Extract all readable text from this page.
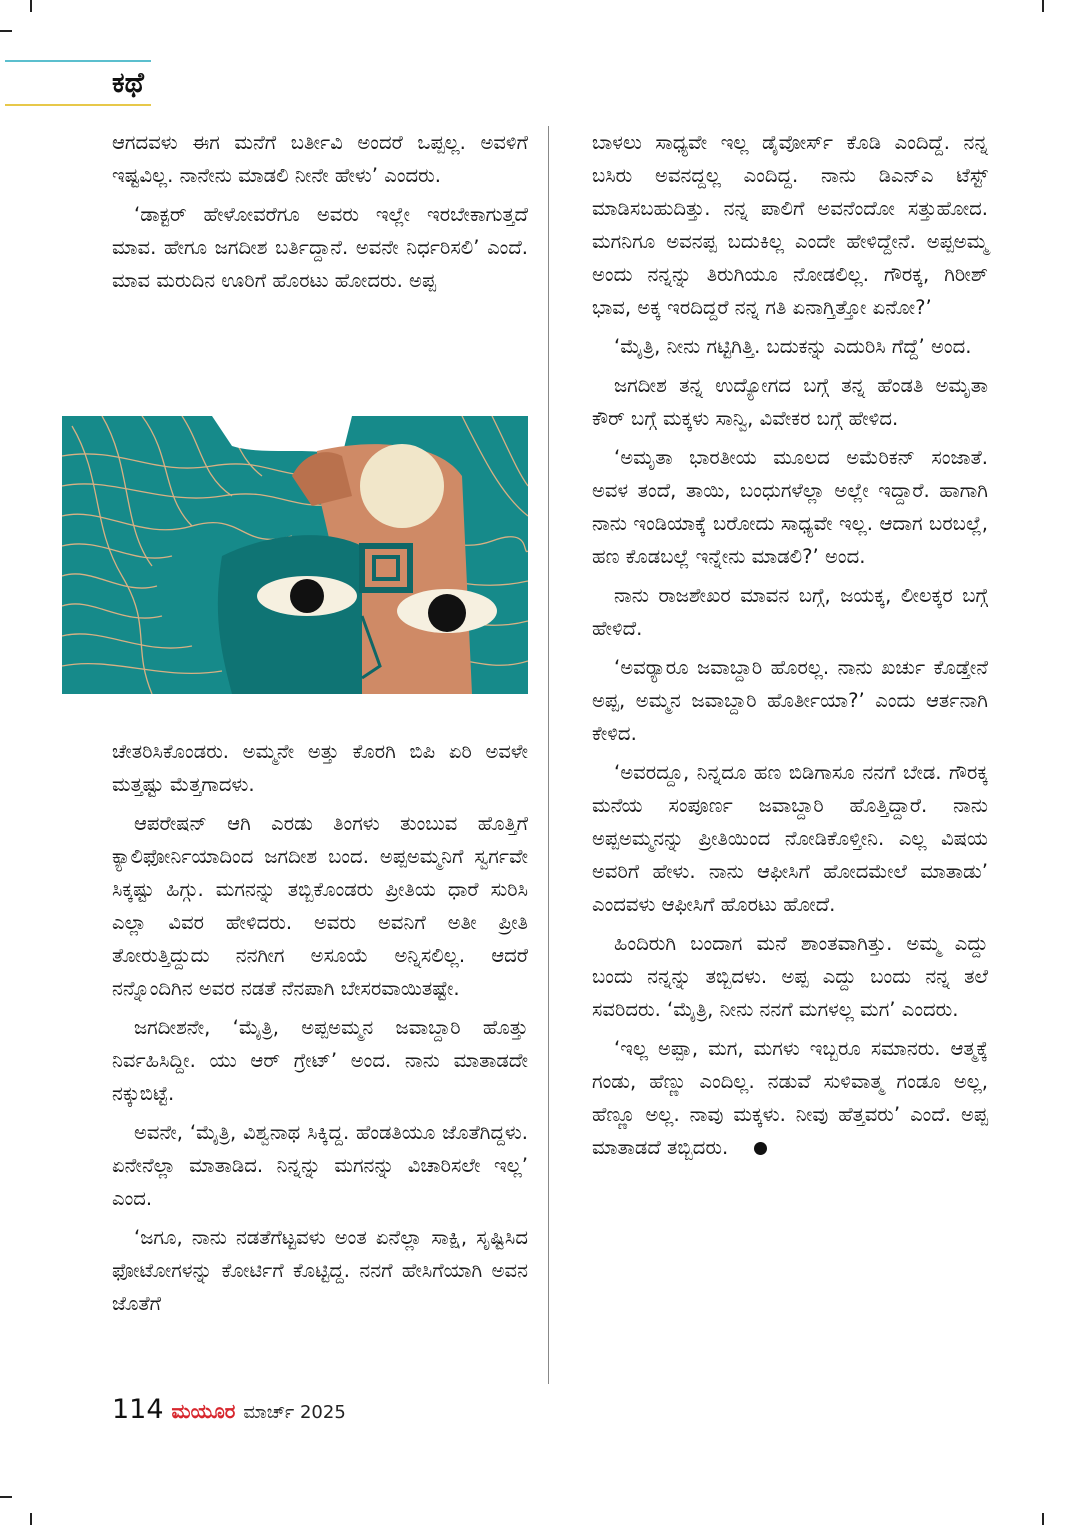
ಕಥೆ

ಆಗದವಳು ಈಗ ಮನೆಗೆ ಬರ್ತೀವಿ ಅಂದರೆ ಒಪ್ಪಲ್ಲ. ಅವಳಿಗೆ ಇಷ್ಟವಿಲ್ಲ. ನಾನೇನು ಮಾಡಲಿ ನೀನೇ ಹೇಳು’ ಎಂದರು.

‘ಡಾಕ್ಟರ್ ಹೇಳೋವರೆಗೂ ಅವರು ಇಲ್ಲೇ ಇರಬೇಕಾಗುತ್ತದೆ ಮಾವ. ಹೇಗೂ ಜಗದೀಶ ಬರ್ತಿದ್ದಾನೆ. ಅವನೇ ನಿರ್ಧರಿಸಲಿ’ ಎಂದೆ. ಮಾವ ಮರುದಿನ ಊರಿಗೆ ಹೊರಟು ಹೋದರು. ಅಪ್ಪ

ಚೇತರಿಸಿಕೊಂಡರು. ಅಮ್ಮನೇ ಅತ್ತು ಕೊರಗಿ ಬಿಪಿ ಏರಿ ಅವಳೇ ಮತ್ತಷ್ಟು ಮೆತ್ತಗಾದಳು.

ಆಪರೇಷನ್ ಆಗಿ ಎರಡು ತಿಂಗಳು ತುಂಬುವ ಹೊತ್ತಿಗೆ ಕ್ಯಾಲಿಫೋರ್ನಿಯಾದಿಂದ ಜಗದೀಶ ಬಂದ. ಅಪ್ಪಅಮ್ಮನಿಗೆ ಸ್ವರ್ಗವೇ ಸಿಕ್ಕಷ್ಟು ಹಿಗ್ಗು. ಮಗನನ್ನು ತಬ್ಬಿಕೊಂಡರು ಪ್ರೀತಿಯ ಧಾರೆ ಸುರಿಸಿ ಎಲ್ಲಾ ವಿವರ ಹೇಳಿದರು. ಅವರು ಅವನಿಗೆ ಅತೀ ಪ್ರೀತಿ ತೋರುತ್ತಿದ್ದುದು ನನಗೀಗ ಅಸೂಯೆ ಅನ್ನಿಸಲಿಲ್ಲ. ಆದರೆ ನನ್ನೊಂದಿಗಿನ ಅವರ ನಡತೆ ನೆನಪಾಗಿ ಬೇಸರವಾಯಿತಷ್ಟೇ.

ಜಗದೀಶನೇ, ‘ಮೈತ್ರಿ, ಅಪ್ಪಅಮ್ಮನ ಜವಾಬ್ದಾರಿ ಹೊತ್ತು ನಿರ್ವಹಿಸಿದ್ದೀ. ಯು ಆರ್ ಗ್ರೇಟ್’ ಅಂದ. ನಾನು ಮಾತಾಡದೇ ನಕ್ಕುಬಿಟ್ಟೆ.

ಅವನೇ, ‘ಮೈತ್ರಿ, ವಿಶ್ವನಾಥ ಸಿಕ್ಕಿದ್ದ. ಹೆಂಡತಿಯೂ ಜೊತೆಗಿದ್ದಳು. ಏನೇನೆಲ್ಲಾ ಮಾತಾಡಿದ. ನಿನ್ನನ್ನು ಮಗನನ್ನು ವಿಚಾರಿಸಲೇ ಇಲ್ಲ’ ಎಂದ.

‘ಜಗೂ, ನಾನು ನಡತೆಗೆಟ್ಟವಳು ಅಂತ ಏನೆಲ್ಲಾ ಸಾಕ್ಷಿ, ಸೃಷ್ಟಿಸಿದ ಫೋಟೋಗಳನ್ನು ಕೋರ್ಟಿಗೆ ಕೊಟ್ಟಿದ್ದ. ನನಗೆ ಹೇಸಿಗೆಯಾಗಿ ಅವನ ಜೊತೆಗೆ

ಬಾಳಲು ಸಾಧ್ಯವೇ ಇಲ್ಲ ಡೈವೋರ್ಸ್ ಕೊಡಿ ಎಂದಿದ್ದೆ. ನನ್ನ ಬಸಿರು ಅವನದ್ದಲ್ಲ ಎಂದಿದ್ದ. ನಾನು ಡಿಎನ್‌ಎ ಟೆಸ್ಟ್ ಮಾಡಿಸಬಹುದಿತ್ತು. ನನ್ನ ಪಾಲಿಗೆ ಅವನೆಂದೋ ಸತ್ತುಹೋದ. ಮಗನಿಗೂ ಅವನಪ್ಪ ಬದುಕಿಲ್ಲ ಎಂದೇ ಹೇಳಿದ್ದೇನೆ. ಅಪ್ಪಅಮ್ಮ ಅಂದು ನನ್ನನ್ನು ತಿರುಗಿಯೂ ನೋಡಲಿಲ್ಲ. ಗೌರಕ್ಕ, ಗಿರೀಶ್ ಭಾವ, ಅಕ್ಕ ಇರದಿದ್ದರೆ ನನ್ನ ಗತಿ ಏನಾಗ್ತಿತ್ತೋ ಏನೋ?’

‘ಮೈತ್ರಿ, ನೀನು ಗಟ್ಟಿಗಿತ್ತಿ. ಬದುಕನ್ನು ಎದುರಿಸಿ ಗೆದ್ದೆ’ ಅಂದ.

ಜಗದೀಶ ತನ್ನ ಉದ್ಯೋಗದ ಬಗ್ಗೆ ತನ್ನ ಹೆಂಡತಿ ಅಮೃತಾ ಕೌರ್ ಬಗ್ಗೆ ಮಕ್ಕಳು ಸಾನ್ವಿ, ವಿವೇಕರ ಬಗ್ಗೆ ಹೇಳಿದ.

‘ಅಮೃತಾ ಭಾರತೀಯ ಮೂಲದ ಅಮೆರಿಕನ್ ಸಂಜಾತೆ. ಅವಳ ತಂದೆ, ತಾಯಿ, ಬಂಧುಗಳೆಲ್ಲಾ ಅಲ್ಲೇ ಇದ್ದಾರೆ. ಹಾಗಾಗಿ ನಾನು ಇಂಡಿಯಾಕ್ಕೆ ಬರೋದು ಸಾಧ್ಯವೇ ಇಲ್ಲ. ಆದಾಗ ಬರಬಲ್ಲೆ, ಹಣ ಕೊಡಬಲ್ಲೆ ಇನ್ನೇನು ಮಾಡಲಿ?’ ಅಂದ.

ನಾನು ರಾಜಶೇಖರ ಮಾವನ ಬಗ್ಗೆ, ಜಯಕ್ಕ, ಲೀಲಕ್ಕರ ಬಗ್ಗೆ ಹೇಳಿದೆ.

‘ಅವರ‍್ಯಾರೂ ಜವಾಬ್ದಾರಿ ಹೊರಲ್ಲ. ನಾನು ಖರ್ಚು ಕೊಡ್ತೇನೆ ಅಪ್ಪ, ಅಮ್ಮನ ಜವಾಬ್ದಾರಿ ಹೊರ್ತೀಯಾ?’ ಎಂದು ಆರ್ತನಾಗಿ ಕೇಳಿದ.

‘ಅವರದ್ದೂ, ನಿನ್ನದೂ ಹಣ ಬಿಡಿಗಾಸೂ ನನಗೆ ಬೇಡ. ಗೌರಕ್ಕ ಮನೆಯ ಸಂಪೂರ್ಣ ಜವಾಬ್ದಾರಿ ಹೊತ್ತಿದ್ದಾರೆ. ನಾನು ಅಪ್ಪಅಮ್ಮನನ್ನು ಪ್ರೀತಿಯಿಂದ ನೋಡಿಕೊಳ್ತೀನಿ. ಎಲ್ಲ ವಿಷಯ ಅವರಿಗೆ ಹೇಳು. ನಾನು ಆಫೀಸಿಗೆ ಹೋದಮೇಲೆ ಮಾತಾಡು’ ಎಂದವಳು ಆಫೀಸಿಗೆ ಹೊರಟು ಹೋದೆ.

ಹಿಂದಿರುಗಿ ಬಂದಾಗ ಮನೆ ಶಾಂತವಾಗಿತ್ತು. ಅಮ್ಮ ಎದ್ದು ಬಂದು ನನ್ನನ್ನು ತಬ್ಬಿದಳು. ಅಪ್ಪ ಎದ್ದು ಬಂದು ನನ್ನ ತಲೆ ಸವರಿದರು. ‘ಮೈತ್ರಿ, ನೀನು ನನಗೆ ಮಗಳಲ್ಲ ಮಗ’ ಎಂದರು.

‘ಇಲ್ಲ ಅಪ್ಪಾ, ಮಗ, ಮಗಳು ಇಬ್ಬರೂ ಸಮಾನರು. ಆತ್ಮಕ್ಕೆ ಗಂಡು, ಹೆಣ್ಣು ಎಂದಿಲ್ಲ. ನಡುವೆ ಸುಳಿವಾತ್ಮ ಗಂಡೂ ಅಲ್ಲ, ಹೆಣ್ಣೂ ಅಲ್ಲ. ನಾವು ಮಕ್ಕಳು. ನೀವು ಹೆತ್ತವರು’ ಎಂದೆ. ಅಪ್ಪ ಮಾತಾಡದೆ ತಬ್ಬಿದರು.

114 ಮಯೂರ ಮಾರ್ಚ್ 2025
